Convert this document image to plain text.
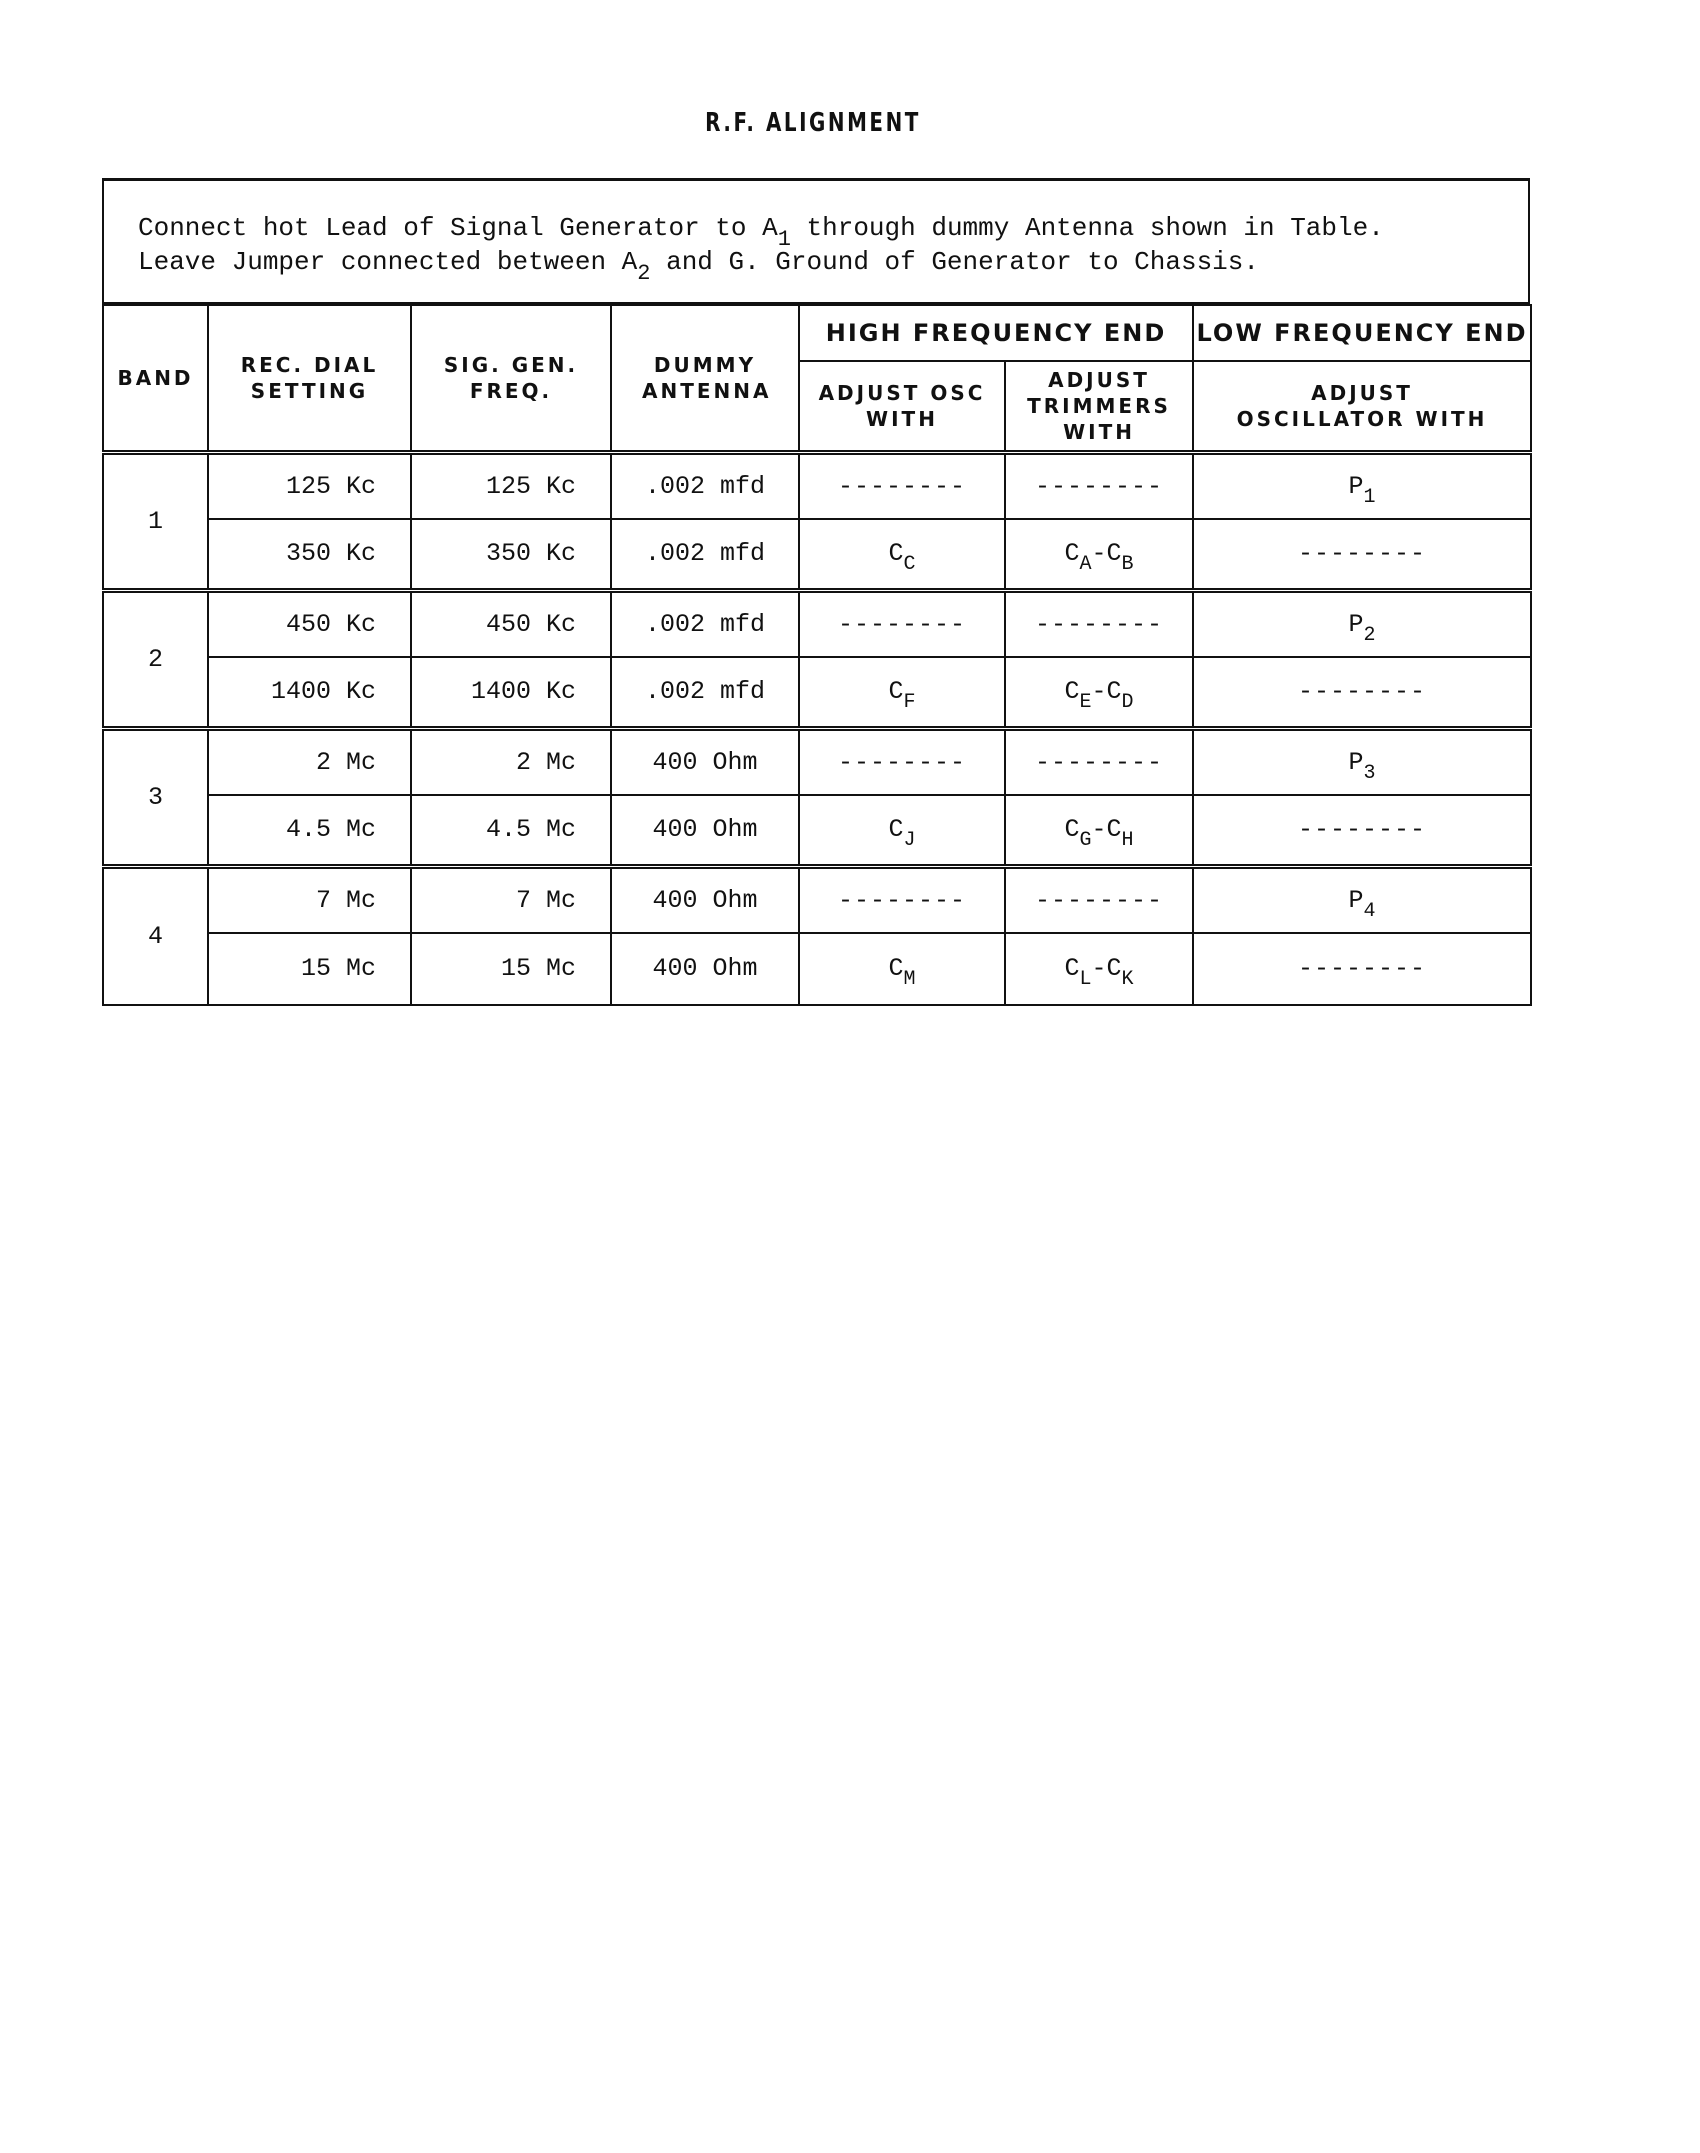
R.F. ALIGNMENT
Connect hot Lead of Signal Generator to $A_1$ through dummy Antenna shown in Table.
Leave Jumper connected between $A_2$ and G. Ground of Generator to Chassis.
BAND	REC. DIAL SETTING	SIG. GEN. FREQ.	DUMMY ANTENNA	HIGH FREQUENCY END		LOW FREQUENCY END
				ADJUST OSC WITH	ADJUST TRIMMERS WITH	ADJUST OSCILLATOR WITH
1	125 Kc	125 Kc	.002 mfd	--------	--------	$P_1$
	350 Kc	350 Kc	.002 mfd	$C_C$	$C_A-C_B$	--------
2	450 Kc	450 Kc	.002 mfd	--------	--------	$P_2$
	1400 Kc	1400 Kc	.002 mfd	$C_F$	$C_E-C_D$	--------
3	2 Mc	2 Mc	400 Ohm	--------	--------	$P_3$
	4.5 Mc	4.5 Mc	400 Ohm	$C_J$	$C_G-C_H$	--------
4	7 Mc	7 Mc	400 Ohm	--------	--------	$P_4$
	15 Mc	15 Mc	400 Ohm	$C_M$	$C_L-C_K$	--------
